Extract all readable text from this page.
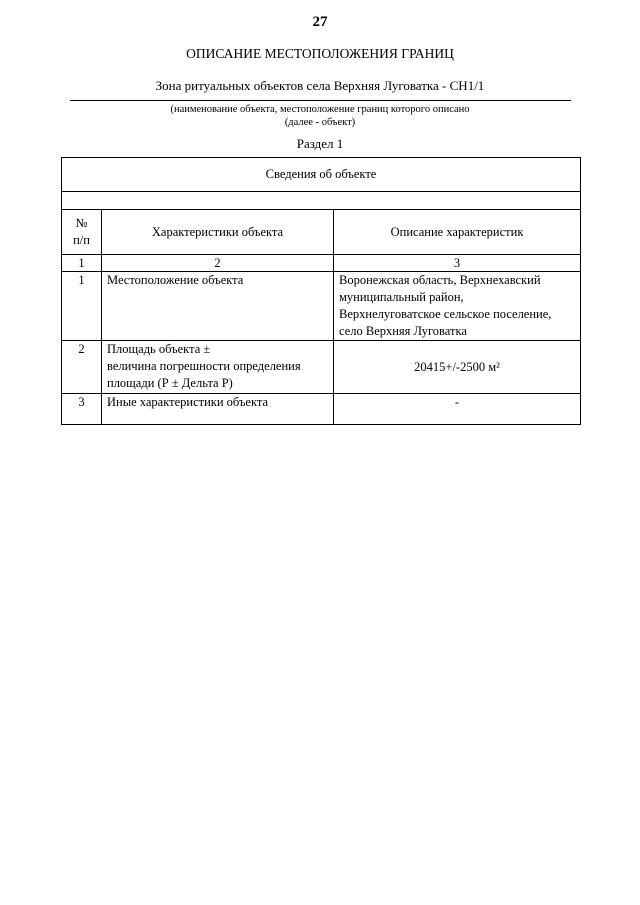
27
ОПИСАНИЕ МЕСТОПОЛОЖЕНИЯ ГРАНИЦ
Зона ритуальных объектов села Верхняя Луговатка - СН1/1
(наименование объекта, местоположение границ которого описано
(далее - объект)
Раздел 1
Сведения об объекте		

№
п/п	Характеристики объекта	Описание характеристик
1	2	3
1	Местоположение объекта	Воронежская область, Верхнехавский
муниципальный район,
Верхнелуговатское сельское поселение,
село Верхняя Луговатка

2	Площадь объекта ±
величина погрешности определения
площади (Р ± Дельта Р)	20415+/-2500 м²

3	Иные характеристики объекта	-
